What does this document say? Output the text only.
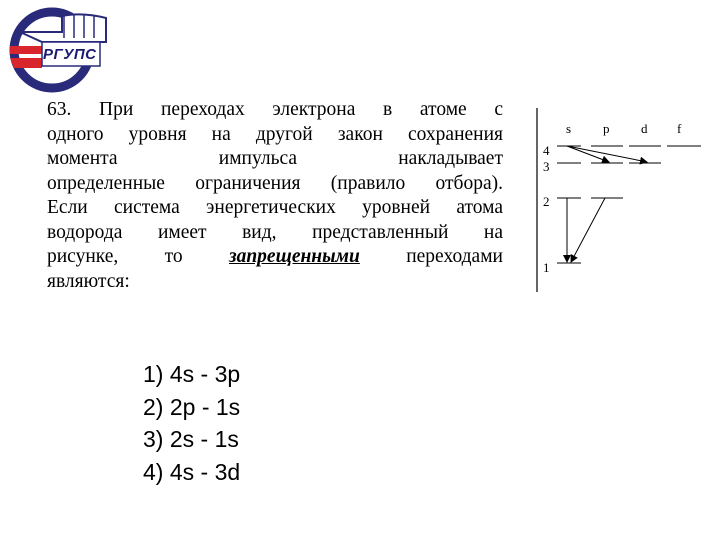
РГУПС
63. При переходах электрона в атоме с
одного уровня на другой закон сохранения
момента импульса накладывает
определенные ограничения (правило отбора).
Если система энергетических уровней атома
водорода имеет вид, представленный на
рисунке, то запрещенными переходами
являются:
1) 4s - 3p
2) 2p - 1s
3) 2s - 1s
4) 4s - 3d
s p d f
4
3
2
1
